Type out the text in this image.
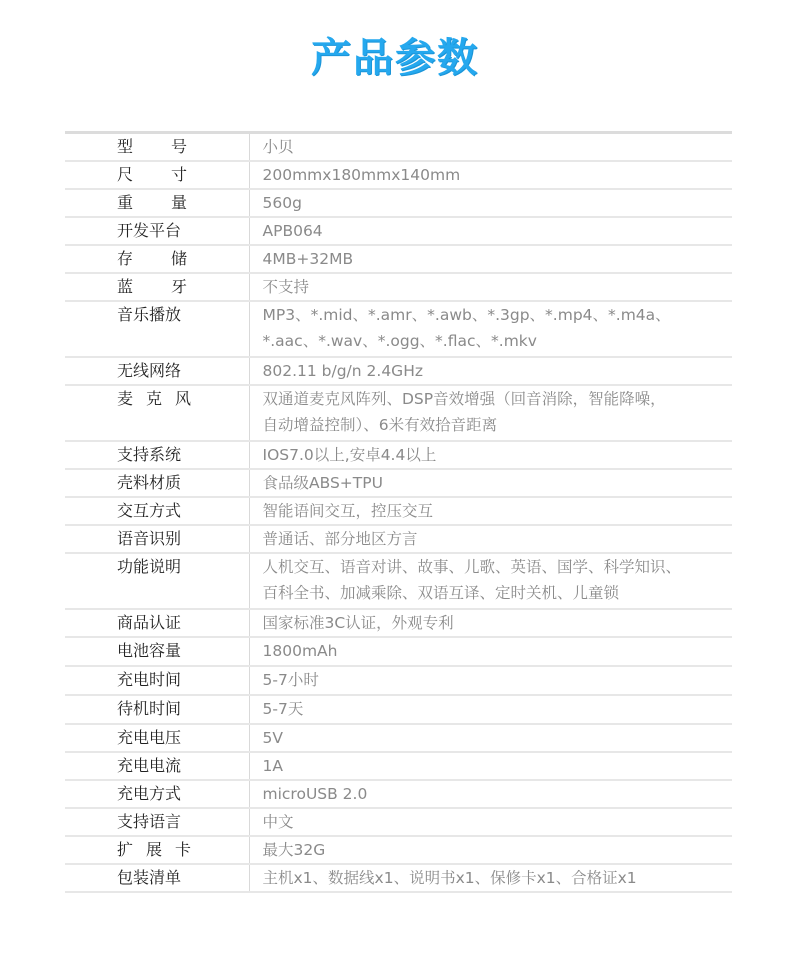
产品参数
型号	小贝
尺寸	200mmx180mmx140mm
重量	560g
开发平台	APB064
存储	4MB+32MB
蓝牙	不支持
音乐播放	MP3、*.mid、*.amr、*.awb、*.3gp、*.mp4、*.m4a、
*.aac、*.wav、*.ogg、*.flac、*.mkv

无线网络	802.11 b/g/n 2.4GHz
麦克风	双通道麦克风阵列、DSP音效增强（回音消除，智能降噪，
自动增益控制）、6米有效拾音距离

支持系统	IOS7.0以上,安卓4.4以上
壳料材质	食品级ABS+TPU
交互方式	智能语间交互，控压交互
语音识别	普通话、部分地区方言
功能说明	人机交互、语音对讲、故事、儿歌、英语、国学、科学知识、
百科全书、加减乘除、双语互译、定时关机、儿童锁

商品认证	国家标准3C认证，外观专利
电池容量	1800mAh
充电时间	5-7小时
待机时间	5-7天
充电电压	5V
充电电流	1A
充电方式	microUSB 2.0
支持语言	中文
扩展卡	最大32G
包装清单	主机x1、数据线x1、说明书x1、保修卡x1、合格证x1
